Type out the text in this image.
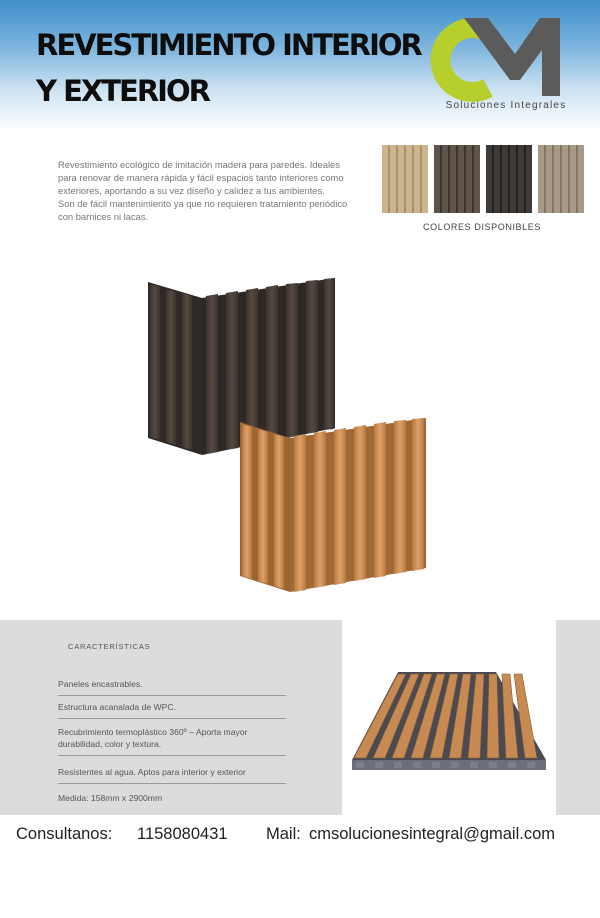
REVESTIMIENTO INTERIOR
Y EXTERIOR	Soluciones Integrales

Revestimiento ecológico de imitación madera para paredes. Ideales para renovar de manera rápida y fácil espacios tanto interiores como exteriores, aportando a su vez diseño y calidez a tus ambientes.

Son de fácil mantenimiento ya que no requieren tratamiento periódico con barnices ni lacas.

COLORES DISPONIBLES
CARACTERÍSTICAS
Paneles encastrables.
Estructura acanalada de WPC.
Recubrimiento termoplástico 360º – Aporta mayor durabilidad, color y textura.
Resistentes al agua. Aptos para interior y exterior
Medida: 158mm x 2900mm

Consultanos:

1158080431

Mail:

cmsolucionesintegral@gmail.com
